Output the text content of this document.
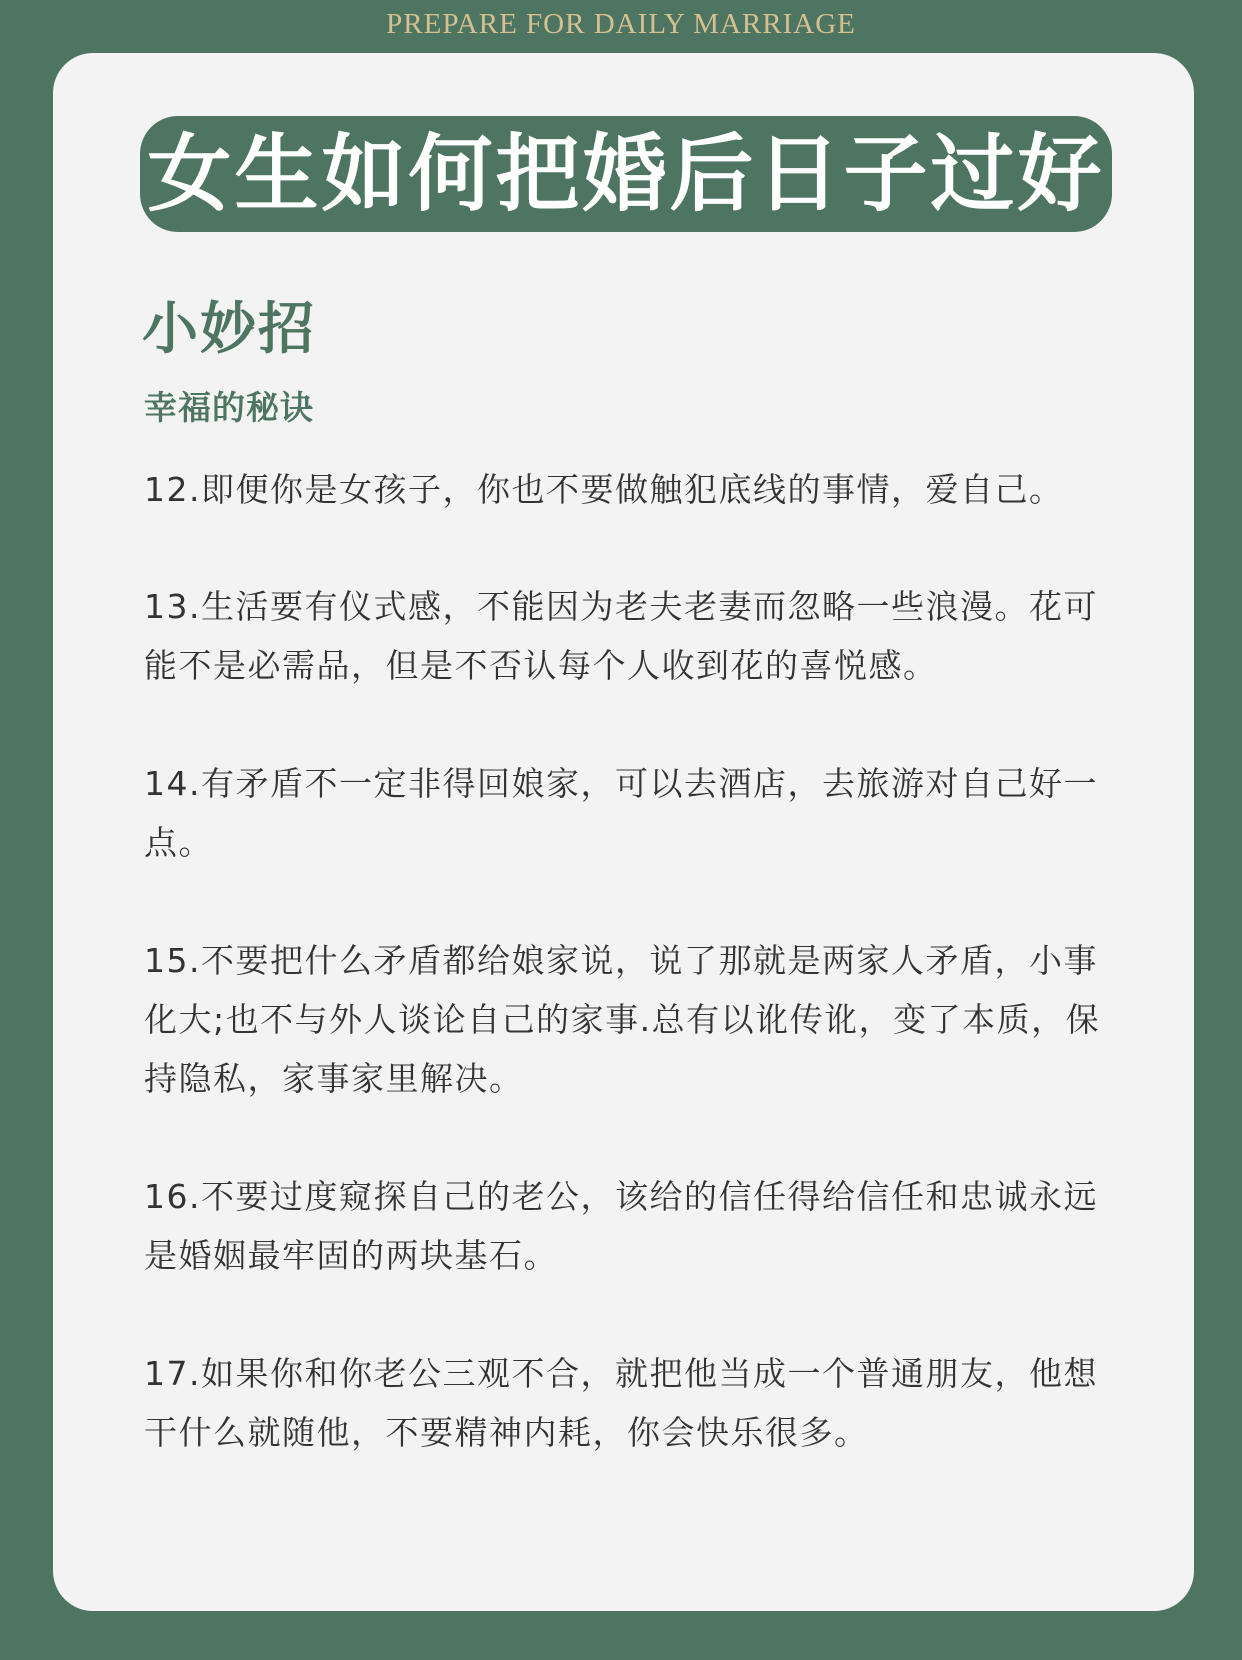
PREPARE FOR DAILY MARRIAGE
女生如何把婚后日子过好
小妙招
幸福的秘诀

12.即便你是女孩子，你也不要做触犯底线的事情，爱自己。

13.生活要有仪式感，不能因为老夫老妻而忽略一些浪漫。花可能不是必需品，但是不否认每个人收到花的喜悦感。

14.有矛盾不一定非得回娘家，可以去酒店，去旅游对自己好一点。

15.不要把什么矛盾都给娘家说，说了那就是两家人矛盾，小事化大;也不与外人谈论自己的家事.总有以讹传讹，变了本质，保持隐私，家事家里解决。

16.不要过度窥探自己的老公，该给的信任得给信任和忠诚永远是婚姻最牢固的两块基石。

17.如果你和你老公三观不合，就把他当成一个普通朋友，他想干什么就随他，不要精神内耗，你会快乐很多。
